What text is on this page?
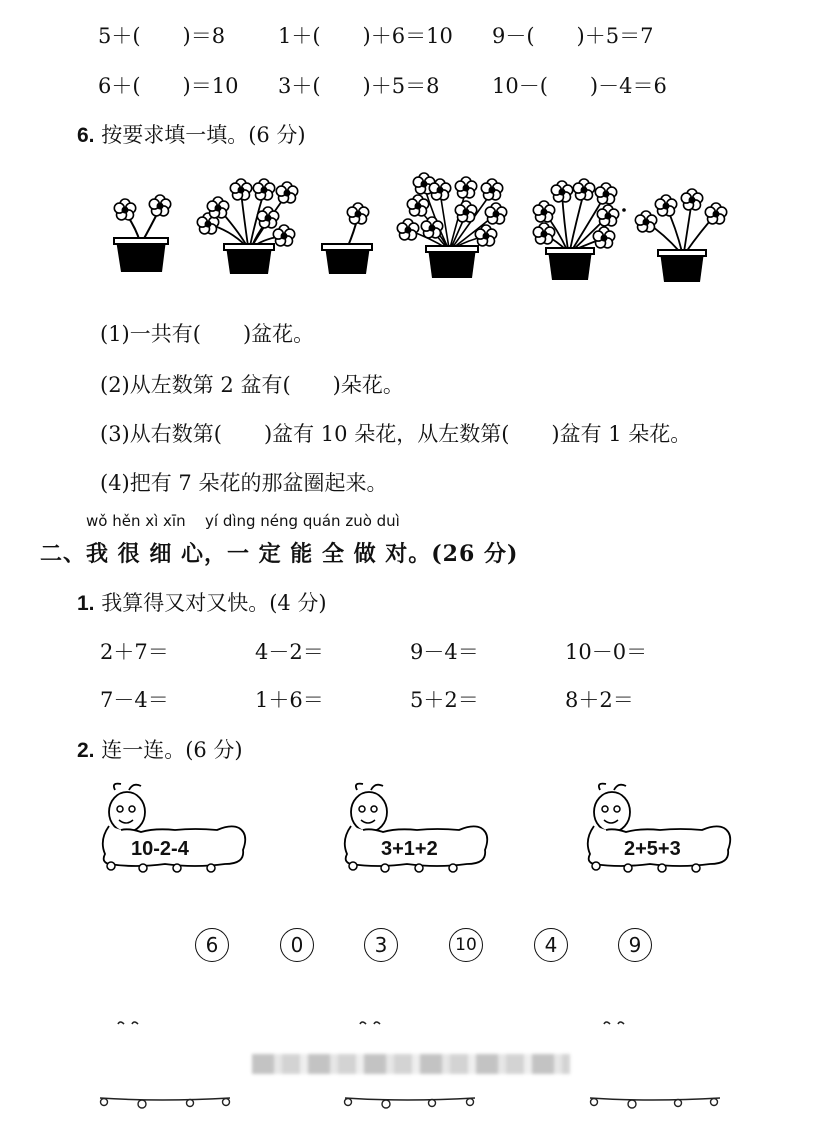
5＋(　　)＝8	1＋(　　)＋6＝10 9－(　　)＋5＝7
6＋(　　)＝10 3＋(　　)＋5＝8	10－(　　)－4＝6
6. 按要求填一填。(6 分)
(1)一共有(　　)盆花。
(2)从左数第 2 盆有(　　)朵花。
(3)从右数第(　　)盆有 10 朵花，从左数第(　　)盆有 1 朵花。
(4)把有 7 朵花的那盆圈起来。
wǒ hěn xì xīn yí dìng néng quán zuò duì
二、我 很 细 心，一 定 能 全 做 对。(26 分)
1. 我算得又对又快。(4 分)
2＋7＝	4－2＝	9－4＝	10－0＝
7－4＝	1＋6＝	5＋2＝	8＋2＝
2. 连一连。(6 分)
10-2-4	3+1+2	2+5+3
6	0	3	10	4	9
